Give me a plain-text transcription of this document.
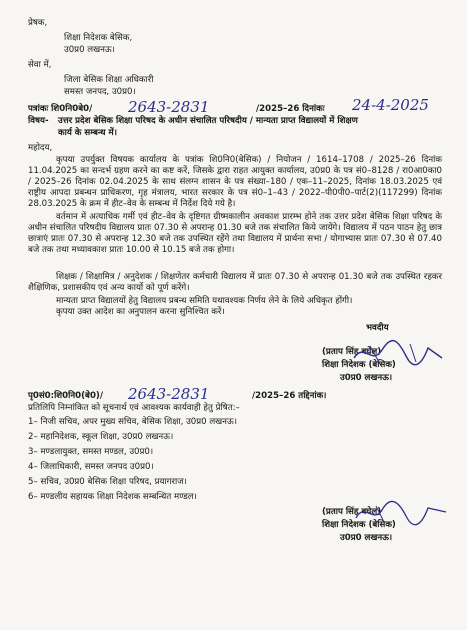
प्रेषक,
शिक्षा निदेशक बेसिक,
उ0प्र0 लखनऊ।
सेवा में,
जिला बेसिक शिक्षा अधिकारी
समस्त जनपद, उ0प्र0।
पत्रांकः शि0नि0बे0/ 2643-2831	/2025–26 दिनांकः 24-4-2025
विषय- उत्तर प्रदेश बेसिक शिक्षा परिषद के अधीन संचालित परिषदीय / मान्यता प्राप्त विद्यालयों में शिक्षण
कार्य के सम्बन्ध में।
महोदय,
कृपया उपर्युक्त विषयक कार्यालय के पत्रांक शि0नि0(बेसिक) / नियोजन / 1614–1708 / 2025–26 दिनांक 11.04.2025 का सन्दर्भ ग्रहण करने का कष्ट करें, जिसके द्वारा राहत आयुक्त कार्यालय, उ0प्र0 के पत्र सं0–8128 / रा0आ0का0 / 2025–26 दिनांक 02.04.2025 के साथ संलग्न शासन के पत्र संख्या–180 / एक–11–2025, दिनांक 18.03.2025 एवं राष्ट्रीय आपदा प्रबन्धन प्राधिकरण, गृह मंत्रालय, भारत सरकार के पत्र सं0–1–43 / 2022–पी0पी0–पार्ट(2)(117299) दिनांक 28.03.2025 के क्रम में हीट–वेव के सम्बन्ध में निर्देश दिये गये है।
वर्तमान में अत्याधिक गर्मी एवं हीट–वेव के दृष्टिगत ग्रीष्मकालीन अवकाश प्रारम्भ होने तक उत्तर प्रदेश बेसिक शिक्षा परिषद के अधीन संचालित परिषदीय विद्यालय प्रातः 07.30 से अपरान्ह 01.30 बजे तक संचालित किये जायेंगे। विद्यालय में पठन पाठन हेतु छात्र छात्राएं प्रातः 07.30 से अपरान्ह 12.30 बजे तक उपस्थित रहेंगे तथा विद्यालय में प्रार्थना सभा / योगाभ्यास प्रातः 07.30 से 07.40 बजे तक तथा मध्यावकाश प्रातः 10.00 से 10.15 बजे तक होगा।
शिक्षक / शिक्षामित्र / अनुदेशक / शिक्षणेतर कर्मचारी विद्यालय में प्रातः 07.30 से अपरान्ह 01.30 बजे तक उपस्थित रहकर शैक्षिणिक, प्रशासकीय एवं अन्य कार्यो को पूर्ण करेंगे।
मान्यता प्राप्त विद्यालयों हेतु विद्यालय प्रबन्ध समिति यथावश्यक निर्णय लेने के लिये अधिकृत होंगी।
कृपया उक्त आदेश का अनुपालन करना सुनिश्चित करें।
भवदीय
(प्रताप सिंह बघेल)
शिक्षा निदेशक (बेसिक)
उ0प्र0 लखनऊ।
पृ0सं0:शि0नि0(बे0)/ 2643-2831	/2025–26 तद्दिनांक।
प्रतिलिपि निम्नांकित को सूचनार्थ एवं आवश्यक कार्यवाही हेतु प्रेषित:–
1– निजी सचिव, अपर मुख्य सचिव, बेसिक शिक्षा, उ0प्र0 लखनऊ।
2– महानिदेशक, स्कूल शिक्षा, उ0प्र0 लखनऊ।
3– मण्डलायुक्त, समस्त मण्डल, उ0प्र0।
4– जिलाधिकारी, समस्त जनपद उ0प्र0।
5– सचिव, उ0प्र0 बेसिक शिक्षा परिषद, प्रयागराज।
6– मण्डलीय सहायक शिक्षा निदेशक सम्बन्धित मण्डल।
(प्रताप सिंह बघेल)
शिक्षा निदेशक (बेसिक)
उ0प्र0 लखनऊ।
